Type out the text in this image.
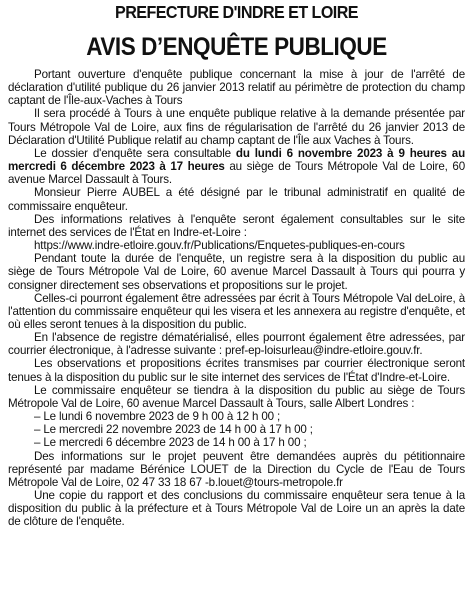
PREFECTURE D'INDRE ET LOIRE
AVIS D’ENQUÊTE PUBLIQUE

Portant ouverture d'enquête publique concernant la mise à jour de l'arrêté de déclaration d'utilité publique du 26 janvier 2013 relatif au périmètre de protection du champ captant de l'Île-aux-Vaches à Tours

Il sera procédé à Tours à une enquête publique relative à la demande présentée par Tours Métropole Val de Loire, aux fins de régularisation de l'arrêté du 26 janvier 2013 de Déclaration d'Utilité Publique relatif au champ captant de l'Île aux Vaches à Tours.

Le dossier d'enquête sera consultable du lundi 6 novembre 2023 à 9 heures au mercredi 6 décembre 2023 à 17 heures au siège de Tours Métropole Val de Loire, 60 avenue Marcel Dassault à Tours.

Monsieur Pierre AUBEL a été désigné par le tribunal administratif en qualité de commissaire enquêteur.

Des informations relatives à l'enquête seront également consultables sur le site internet des services de l'État en Indre-et-Loire :

https://www.indre-etloire.gouv.fr/Publications/Enquetes-publiques-en-cours

Pendant toute la durée de l'enquête, un registre sera à la disposition du public au siège de Tours Métropole Val de Loire, 60 avenue Marcel Dassault à Tours qui pourra y consigner directement ses observations et propositions sur le projet.

Celles-ci pourront également être adressées par écrit à Tours Métropole Val deLoire, à l'attention du commissaire enquêteur qui les visera et les annexera au registre d'enquête, et où elles seront tenues à la disposition du public.

En l'absence de registre dématérialisé, elles pourront également être adressées, par courrier électronique, à l'adresse suivante : pref-ep-loisurleau@indre-etloire.gouv.fr.

Les observations et propositions écrites transmises par courrier électronique seront tenues à la disposition du public sur le site internet des services de l'État d'Indre-et-Loire.

Le commissaire enquêteur se tiendra à la disposition du public au siège de Tours Métropole Val de Loire, 60 avenue Marcel Dassault à Tours, salle Albert Londres :

– Le lundi 6 novembre 2023 de 9 h 00 à 12 h 00 ;
– Le mercredi 22 novembre 2023 de 14 h 00 à 17 h 00 ;
– Le mercredi 6 décembre 2023 de 14 h 00 à 17 h 00 ;

Des informations sur le projet peuvent être demandées auprès du pétitionnaire représenté par madame Bérénice LOUET de la Direction du Cycle de l'Eau de Tours Métropole Val de Loire, 02 47 33 18 67 -b.louet@tours-metropole.fr

Une copie du rapport et des conclusions du commissaire enquêteur sera tenue à la disposition du public à la préfecture et à Tours Métropole Val de Loire un an après la date de clôture de l'enquête.
